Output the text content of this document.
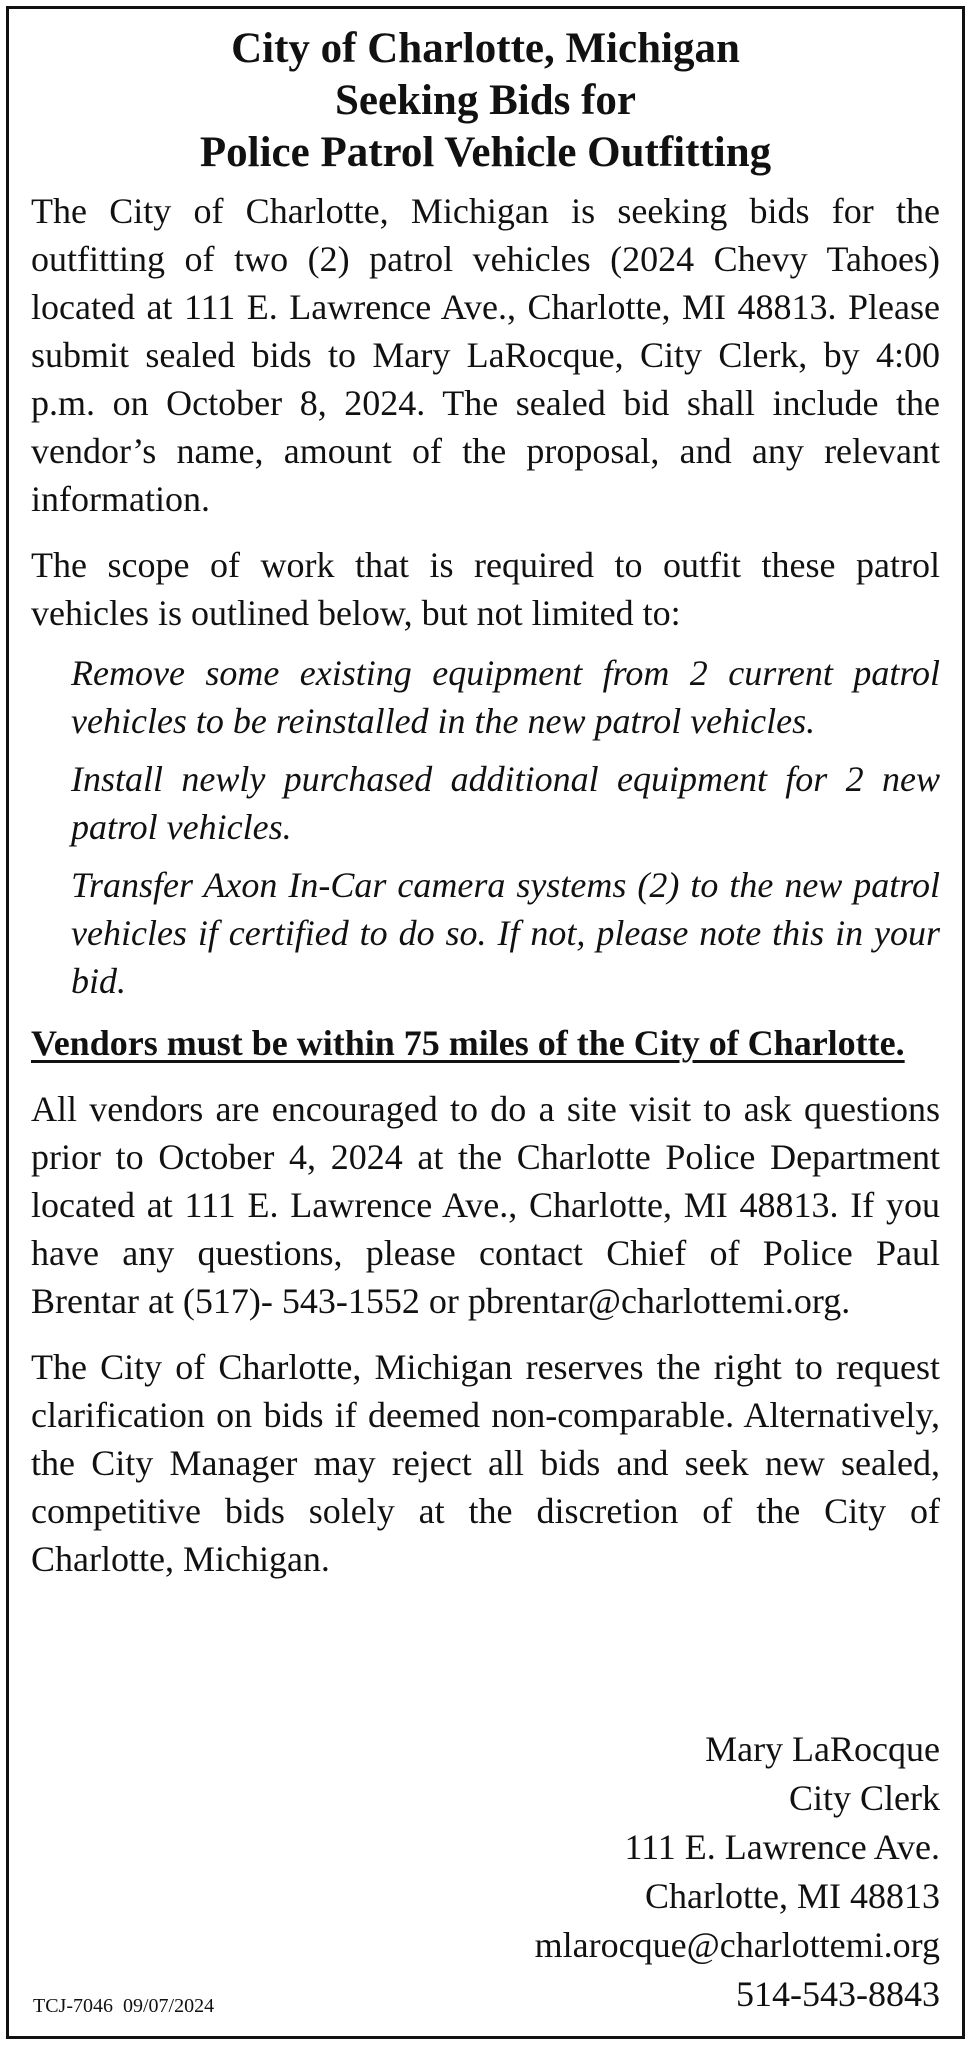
City of Charlotte, Michigan
Seeking Bids for
Police Patrol Vehicle Outfitting

The City of Charlotte, Michigan is seeking bids for the outfitting of two (2) patrol vehicles (2024 Chevy Tahoes) located at 111 E. Lawrence Ave., Charlotte, MI 48813. Please submit sealed bids to Mary LaRocque, City Clerk, by 4:00 p.m. on October 8, 2024. The sealed bid shall include the vendor’s name, amount of the proposal, and any relevant information.

The scope of work that is required to outfit these patrol vehicles is outlined below, but not limited to:

Remove some existing equipment from 2 current patrol vehicles to be reinstalled in the new patrol vehicles.
Install newly purchased additional equipment for 2 new patrol vehicles.
Transfer Axon In-Car camera systems (2) to the new patrol vehicles if certified to do so. If not, please note this in your bid.

Vendors must be within 75 miles of the City of Charlotte.

All vendors are encouraged to do a site visit to ask questions prior to October 4, 2024 at the Charlotte Police Department located at 111 E. Lawrence Ave., Charlotte, MI 48813. If you have any questions, please contact Chief of Police Paul Brentar at (517)- 543-1552 or pbrentar@charlottemi.org.

The City of Charlotte, Michigan reserves the right to request clarification on bids if deemed non-comparable. Alternatively, the City Manager may reject all bids and seek new sealed, competitive bids solely at the discretion of the City of Charlotte, Michigan.

Mary LaRocque
City Clerk
111 E. Lawrence Ave.
Charlotte, MI 48813
mlarocque@charlottemi.org
514-543-8843
TCJ-7046  09/07/2024
